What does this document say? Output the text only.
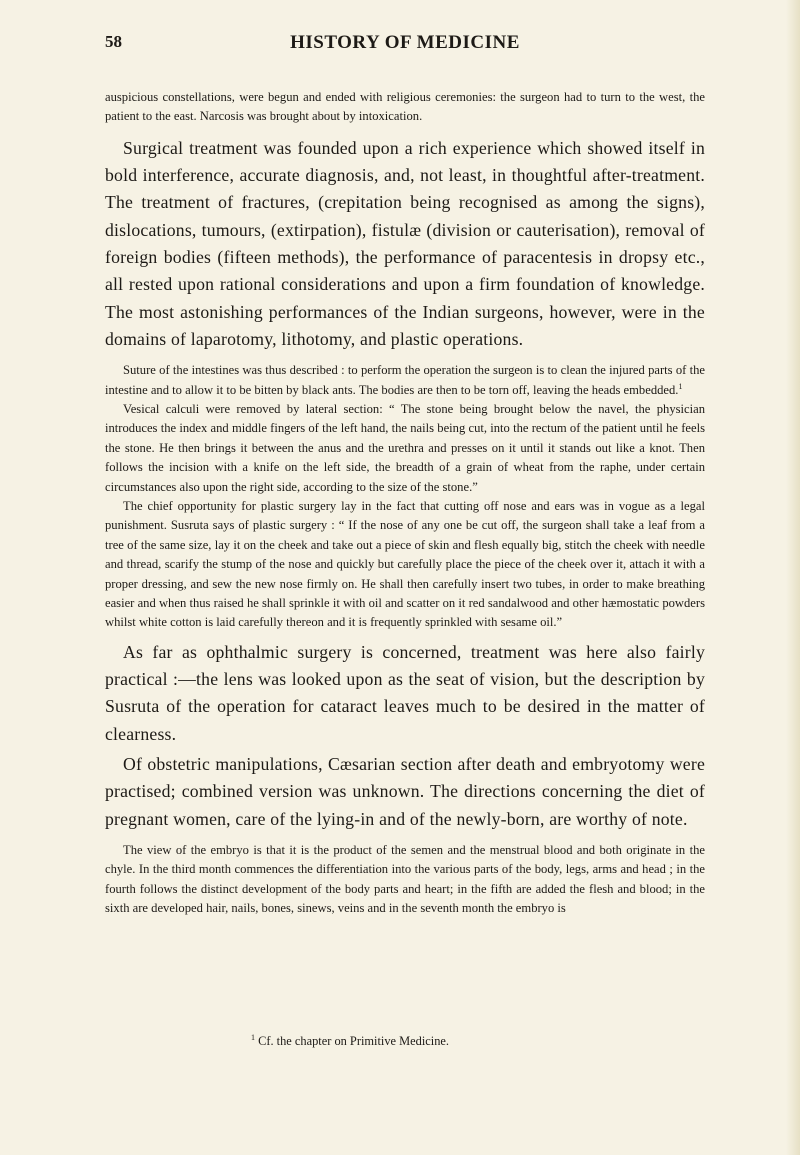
58	HISTORY OF MEDICINE

auspicious constellations, were begun and ended with religious ceremonies: the surgeon had to turn to the west, the patient to the east. Narcosis was brought about by intoxication.

Surgical treatment was founded upon a rich experience which showed itself in bold interference, accurate diagnosis, and, not least, in thoughtful after-treatment. The treatment of fractures, (crepitation being recognised as among the signs), dislocations, tumours, (extirpation), fistulæ (division or cauterisation), removal of foreign bodies (fifteen methods), the performance of paracentesis in dropsy etc., all rested upon rational considerations and upon a firm foundation of knowledge. The most astonishing performances of the Indian surgeons, however, were in the domains of laparotomy, lithotomy, and plastic operations.

Suture of the intestines was thus described : to perform the operation the surgeon is to clean the injured parts of the intestine and to allow it to be bitten by black ants. The bodies are then to be torn off, leaving the heads embedded.$^1$

Vesical calculi were removed by lateral section: “ The stone being brought below the navel, the physician introduces the index and middle fingers of the left hand, the nails being cut, into the rectum of the patient until he feels the stone. He then brings it between the anus and the urethra and presses on it until it stands out like a knot. Then follows the incision with a knife on the left side, the breadth of a grain of wheat from the raphe, under certain circumstances also upon the right side, according to the size of the stone.”

The chief opportunity for plastic surgery lay in the fact that cutting off nose and ears was in vogue as a legal punishment. Susruta says of plastic surgery : “ If the nose of any one be cut off, the surgeon shall take a leaf from a tree of the same size, lay it on the cheek and take out a piece of skin and flesh equally big, stitch the cheek with needle and thread, scarify the stump of the nose and quickly but carefully place the piece of the cheek over it, attach it with a proper dressing, and sew the new nose firmly on. He shall then carefully insert two tubes, in order to make breathing easier and when thus raised he shall sprinkle it with oil and scatter on it red sandalwood and other hæmostatic powders whilst white cotton is laid carefully thereon and it is frequently sprinkled with sesame oil.”

As far as ophthalmic surgery is concerned, treatment was here also fairly practical :—the lens was looked upon as the seat of vision, but the description by Susruta of the operation for cataract leaves much to be desired in the matter of clearness.

Of obstetric manipulations, Cæsarian section after death and embryotomy were practised; combined version was unknown. The directions concerning the diet of pregnant women, care of the lying-in and of the newly-born, are worthy of note.

The view of the embryo is that it is the product of the semen and the menstrual blood and both originate in the chyle. In the third month commences the differentiation into the various parts of the body, legs, arms and head ; in the fourth follows the distinct development of the body parts and heart; in the fifth are added the flesh and blood; in the sixth are developed hair, nails, bones, sinews, veins and in the seventh month the embryo is

$^1$ Cf. the chapter on Primitive Medicine.
